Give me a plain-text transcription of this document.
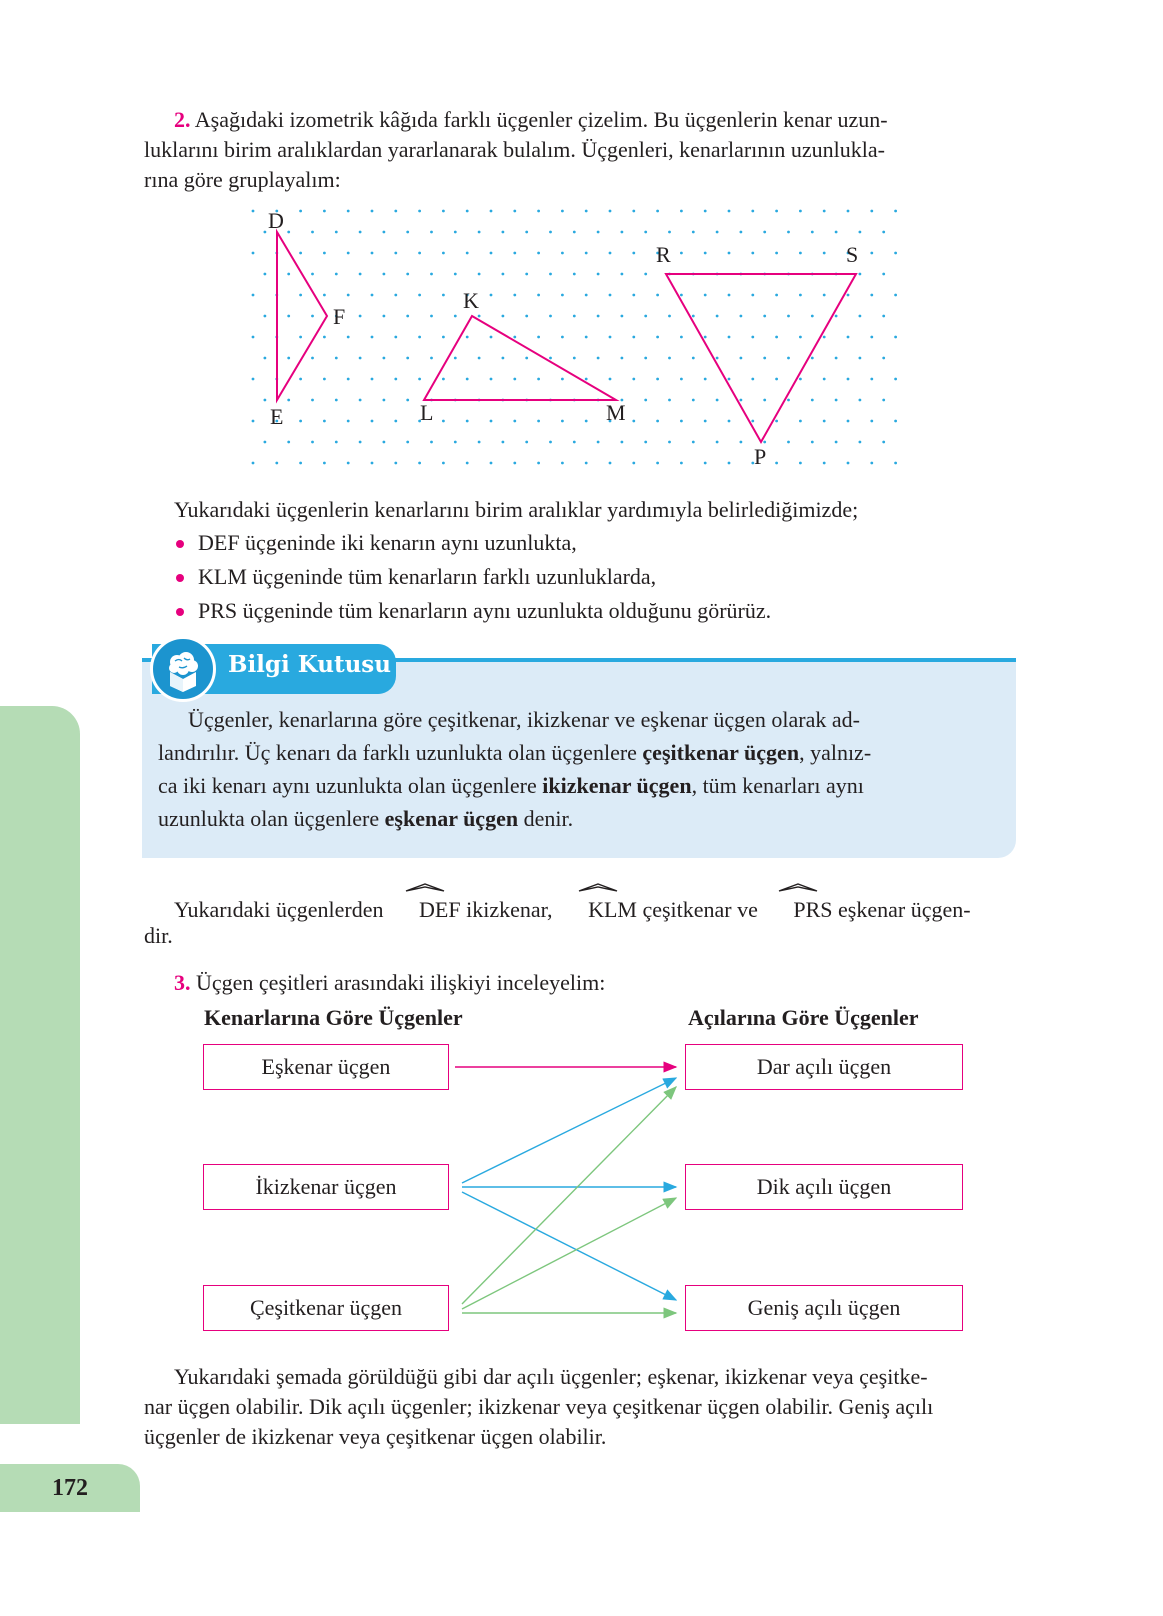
2. Aşağıdaki izometrik kâğıda farklı üçgenler çizelim. Bu üçgenlerin kenar uzun-
luklarını birim aralıklardan yararlanarak bulalım. Üçgenleri, kenarlarının uzunlukla-
rına göre gruplayalım:
D
E
F
K
L	M
R	S
P
Yukarıdaki üçgenlerin kenarlarını birim aralıklar yardımıyla belirlediğimizde;
DEF üçgeninde iki kenarın aynı uzunlukta,
KLM üçgeninde tüm kenarların farklı uzunluklarda,
PRS üçgeninde tüm kenarların aynı uzunlukta olduğunu görürüz.
Bilgi Kutusu
Üçgenler, kenarlarına göre çeşitkenar, ikizkenar ve eşkenar üçgen olarak ad-
landırılır. Üç kenarı da farklı uzunlukta olan üçgenlere çeşitkenar üçgen, yalnız-
ca iki kenarı aynı uzunlukta olan üçgenlere ikizkenar üçgen, tüm kenarları aynı
uzunlukta olan üçgenlere eşkenar üçgen denir.
Yukarıdaki üçgenlerden
DEF ikizkenar,
KLM çeşitkenar ve
PRS eşkenar üçgen-
dir.
3. Üçgen çeşitleri arasındaki ilişkiyi inceleyelim:
Kenarlarına Göre Üçgenler	Açılarına Göre Üçgenler
Eşkenar üçgen
İkizkenar üçgen
Çeşitkenar üçgen
Dar açılı üçgen
Dik açılı üçgen
Geniş açılı üçgen
Yukarıdaki şemada görüldüğü gibi dar açılı üçgenler; eşkenar, ikizkenar veya çeşitke-
nar üçgen olabilir. Dik açılı üçgenler; ikizkenar veya çeşitkenar üçgen olabilir. Geniş açılı
üçgenler de ikizkenar veya çeşitkenar üçgen olabilir.
172
